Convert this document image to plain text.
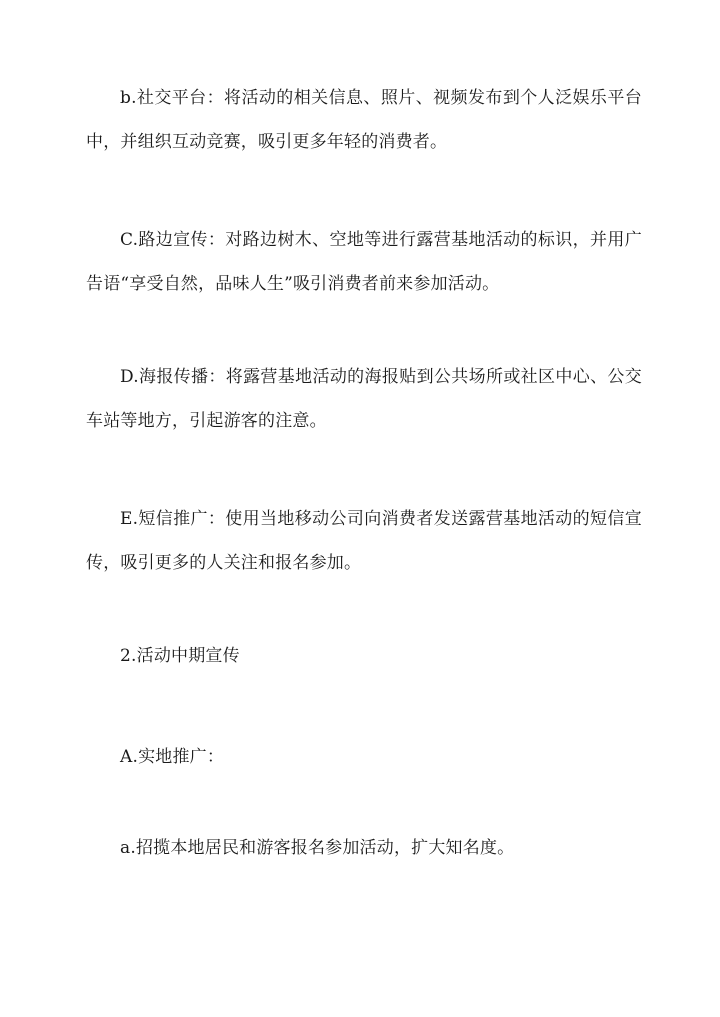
b.社交平台：将活动的相关信息、照片、视频发布到个人泛娱乐平台中，并组织互动竞赛，吸引更多年轻的消费者。

C.路边宣传：对路边树木、空地等进行露营基地活动的标识，并用广告语“享受自然，品味人生”吸引消费者前来参加活动。

D.海报传播：将露营基地活动的海报贴到公共场所或社区中心、公交车站等地方，引起游客的注意。

E.短信推广：使用当地移动公司向消费者发送露营基地活动的短信宣传，吸引更多的人关注和报名参加。

2.活动中期宣传

A.实地推广：

a.招揽本地居民和游客报名参加活动，扩大知名度。
